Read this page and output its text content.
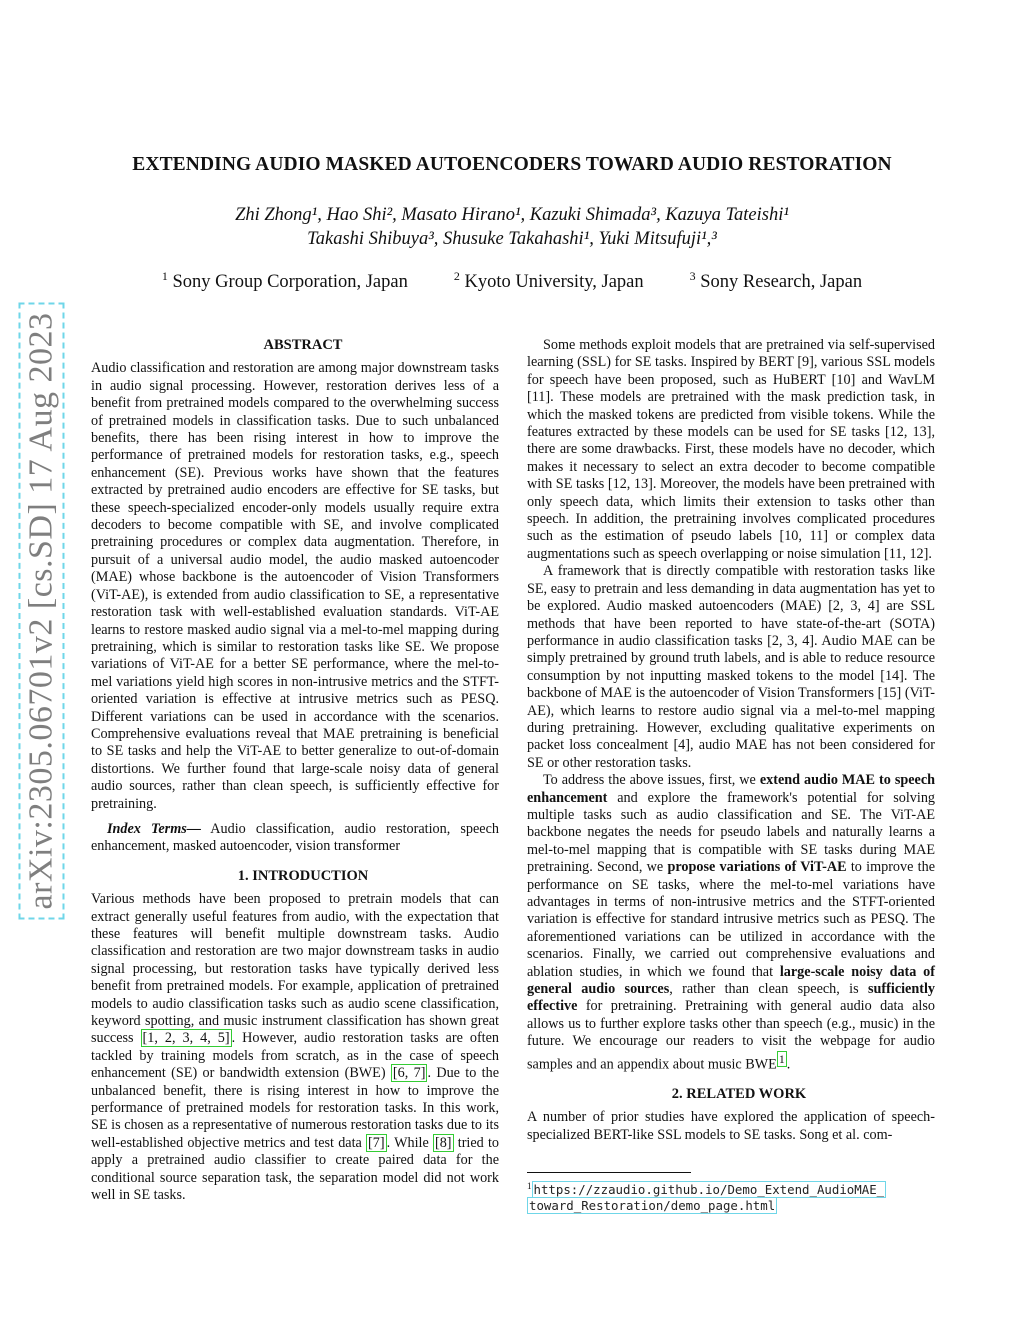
arXiv:2305.06701v2 [cs.SD] 17 Aug 2023
EXTENDING AUDIO MASKED AUTOENCODERS TOWARD AUDIO RESTORATION
Zhi Zhong¹, Hao Shi², Masato Hirano¹, Kazuki Shimada³, Kazuya Tateishi¹
Takashi Shibuya³, Shusuke Takahashi¹, Yuki Mitsufuji¹,³
$^1$ Sony Group Corporation, Japan	$^2$ Kyoto University, Japan	$^3$ Sony Research, Japan

ABSTRACT

Audio classification and restoration are among major downstream tasks in audio signal processing. However, restoration derives less of a benefit from pretrained models compared to the overwhelming success of pretrained models in classification tasks. Due to such unbalanced benefits, there has been rising interest in how to improve the performance of pretrained models for restoration tasks, e.g., speech enhancement (SE). Previous works have shown that the features extracted by pretrained audio encoders are effective for SE tasks, but these speech-specialized encoder-only models usually require extra decoders to become compatible with SE, and involve complicated pretraining procedures or complex data augmentation. Therefore, in pursuit of a universal audio model, the audio masked autoencoder (MAE) whose backbone is the autoencoder of Vision Transformers (ViT-AE), is extended from audio classification to SE, a representative restoration task with well-established evaluation standards. ViT-AE learns to restore masked audio signal via a mel-to-mel mapping during pretraining, which is similar to restoration tasks like SE. We propose variations of ViT-AE for a better SE performance, where the mel-to-mel variations yield high scores in non-intrusive metrics and the STFT-oriented variation is effective at intrusive metrics such as PESQ. Different variations can be used in accordance with the scenarios. Comprehensive evaluations reveal that MAE pretraining is beneficial to SE tasks and help the ViT-AE to better generalize to out-of-domain distortions. We further found that large-scale noisy data of general audio sources, rather than clean speech, is sufficiently effective for pretraining.

Index Terms— Audio classification, audio restoration, speech enhancement, masked autoencoder, vision transformer

1. INTRODUCTION

Various methods have been proposed to pretrain models that can extract generally useful features from audio, with the expectation that these features will benefit multiple downstream tasks. Audio classification and restoration are two major downstream tasks in audio signal processing, but restoration tasks have typically derived less benefit from pretrained models. For example, application of pretrained models to audio classification tasks such as audio scene classification, keyword spotting, and music instrument classification has shown great success [1, 2, 3, 4, 5] . However, audio restoration tasks are often tackled by training models from scratch, as in the case of speech enhancement (SE) or bandwidth extension (BWE) [6, 7] . Due to the unbalanced benefit, there is rising interest in how to improve the performance of pretrained models for restoration tasks. In this work, SE is chosen as a representative of numerous restoration tasks due to its well-established objective metrics and test data [7] . While [8] tried to apply a pretrained audio classifier to create paired data for the conditional source separation task, the separation model did not work well in SE tasks.

Some methods exploit models that are pretrained via self-supervised learning (SSL) for SE tasks. Inspired by BERT [9], various SSL models for speech have been proposed, such as HuBERT [10] and WavLM [11]. These models are pretrained with the mask prediction task, in which the masked tokens are predicted from visible tokens. While the features extracted by these models can be used for SE tasks [12, 13], there are some drawbacks. First, these models have no decoder, which makes it necessary to select an extra decoder to become compatible with SE tasks [12, 13]. Moreover, the models have been pretrained with only speech data, which limits their extension to tasks other than speech. In addition, the pretraining involves complicated procedures such as the estimation of pseudo labels [10, 11] or complex data augmentations such as speech overlapping or noise simulation [11, 12].

A framework that is directly compatible with restoration tasks like SE, easy to pretrain and less demanding in data augmentation has yet to be explored. Audio masked autoencoders (MAE) [2, 3, 4] are SSL methods that have been reported to have state-of-the-art (SOTA) performance in audio classification tasks [2, 3, 4]. Audio MAE can be simply pretrained by ground truth labels, and is able to reduce resource consumption by not inputting masked tokens to the model [14]. The backbone of MAE is the autoencoder of Vision Transformers [15] (ViT-AE), which learns to restore audio signal via a mel-to-mel mapping during pretraining. However, excluding qualitative experiments on packet loss concealment [4], audio MAE has not been considered for SE or other restoration tasks.

To address the above issues, first, we extend audio MAE to speech enhancement and explore the framework's potential for solving multiple tasks such as audio classification and SE. The ViT-AE backbone negates the needs for pseudo labels and naturally learns a mel-to-mel mapping that is compatible with SE tasks during MAE pretraining. Second, we propose variations of ViT-AE to improve the performance on SE tasks, where the mel-to-mel variations have advantages in terms of non-intrusive metrics and the STFT-oriented variation is effective for standard intrusive metrics such as PESQ. The aforementioned variations can be utilized in accordance with the scenarios. Finally, we carried out comprehensive evaluations and ablation studies, in which we found that large-scale noisy data of general audio sources, rather than clean speech, is sufficiently effective for pretraining. Pretraining with general audio data also allows us to further explore tasks other than speech (e.g., music) in the future. We encourage our readers to visit the webpage for audio samples and an appendix about music BWE $^1$ .

2. RELATED WORK

A number of prior studies have explored the application of speech-specialized BERT-like SSL models to SE tasks. Song et al. com-

$^1$ https://zzaudio.github.io/Demo_Extend_AudioMAE_
toward_Restoration/demo_page.html
